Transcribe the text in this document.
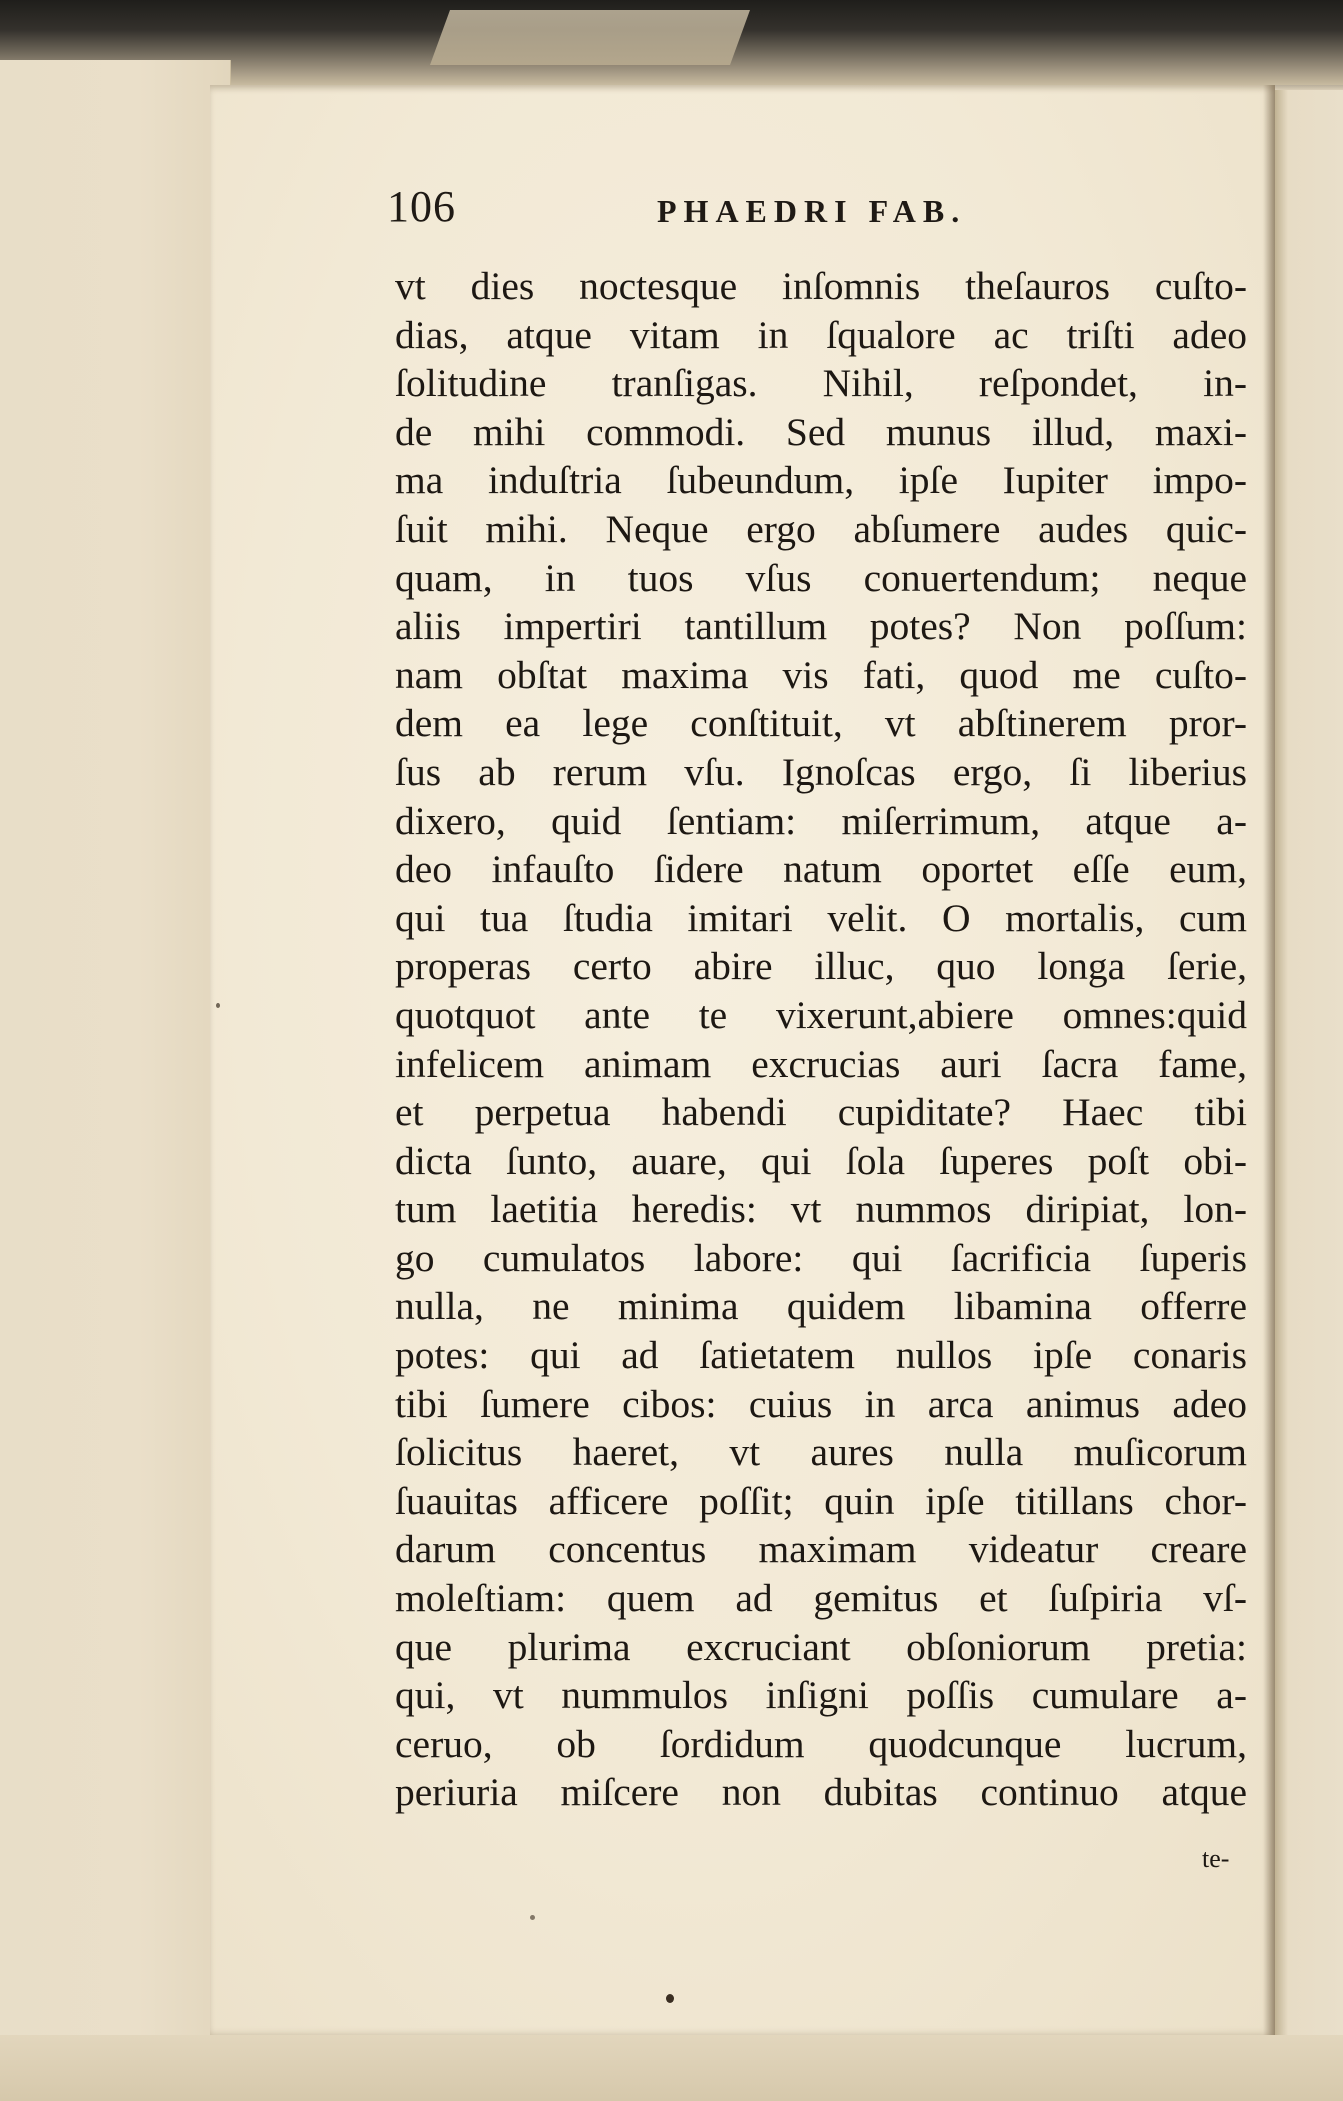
106	PHAEDRI FAB.
vt dies noctesque inſomnis theſauros cuſto-
dias, atque vitam in ſqualore ac triſti adeo
ſolitudine tranſigas. Nihil, reſpondet, in-
de mihi commodi. Sed munus illud, maxi-
ma induſtria ſubeundum, ipſe Iupiter impo-
ſuit mihi. Neque ergo abſumere audes quic-
quam, in tuos vſus conuertendum; neque
aliis impertiri tantillum potes? Non poſſum:
nam obſtat maxima vis fati, quod me cuſto-
dem ea lege conſtituit, vt abſtinerem pror-
ſus ab rerum vſu. Ignoſcas ergo, ſi liberius
dixero, quid ſentiam: miſerrimum, atque a-
deo infauſto ſidere natum oportet eſſe eum,
qui tua ſtudia imitari velit. O mortalis, cum
properas certo abire illuc, quo longa ſerie,
quotquot ante te vixerunt,abiere omnes:quid
infelicem animam excrucias auri ſacra fame,
et perpetua habendi cupiditate? Haec tibi
dicta ſunto, auare, qui ſola ſuperes poſt obi-
tum laetitia heredis: vt nummos diripiat, lon-
go cumulatos labore: qui ſacrificia ſuperis
nulla, ne minima quidem libamina offerre
potes: qui ad ſatietatem nullos ipſe conaris
tibi ſumere cibos: cuius in arca animus adeo
ſolicitus haeret, vt aures nulla muſicorum
ſuauitas afficere poſſit; quin ipſe titillans chor-
darum concentus maximam videatur creare
moleſtiam: quem ad gemitus et ſuſpiria vſ-
que plurima excruciant obſoniorum pretia:
qui, vt nummulos inſigni poſſis cumulare a-
ceruo, ob ſordidum quodcunque lucrum,
periuria miſcere non dubitas continuo atque
te-
